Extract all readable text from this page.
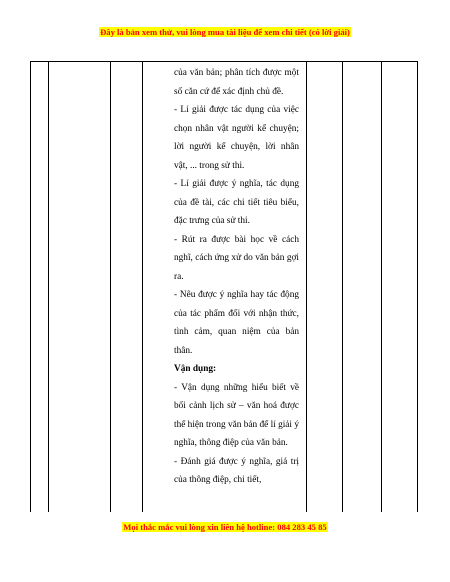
Đây là bản xem thử, vui lòng mua tài liệu để xem chi tiết (có lời giải)

của văn bản; phân tích được một số căn cứ để xác định chủ đề.

- Lí giải được tác dụng của việc chọn nhân vật người kể chuyện; lời người kể chuyện, lời nhân vật, ... trong sử thi.

- Lí giải được ý nghĩa, tác dụng của đề tài, các chi tiết tiêu biểu, đặc trưng của sử thi.

- Rút ra được bài học về cách nghĩ, cách ứng xử do văn bản gợi ra.

- Nêu được ý nghĩa hay tác động của tác phẩm đối với nhận thức, tình cảm, quan niệm của bản thân.

Vận dụng:

- Vận dụng những hiểu biết về bối cảnh lịch sử – văn hoá được thể hiện trong văn bản để lí giải ý nghĩa, thông điệp của văn bản.

- Đánh giá được ý nghĩa, giá trị của thông điệp, chi tiết,

Mọi thắc mắc vui lòng xin liên hệ hotline: 084 283 45 85
